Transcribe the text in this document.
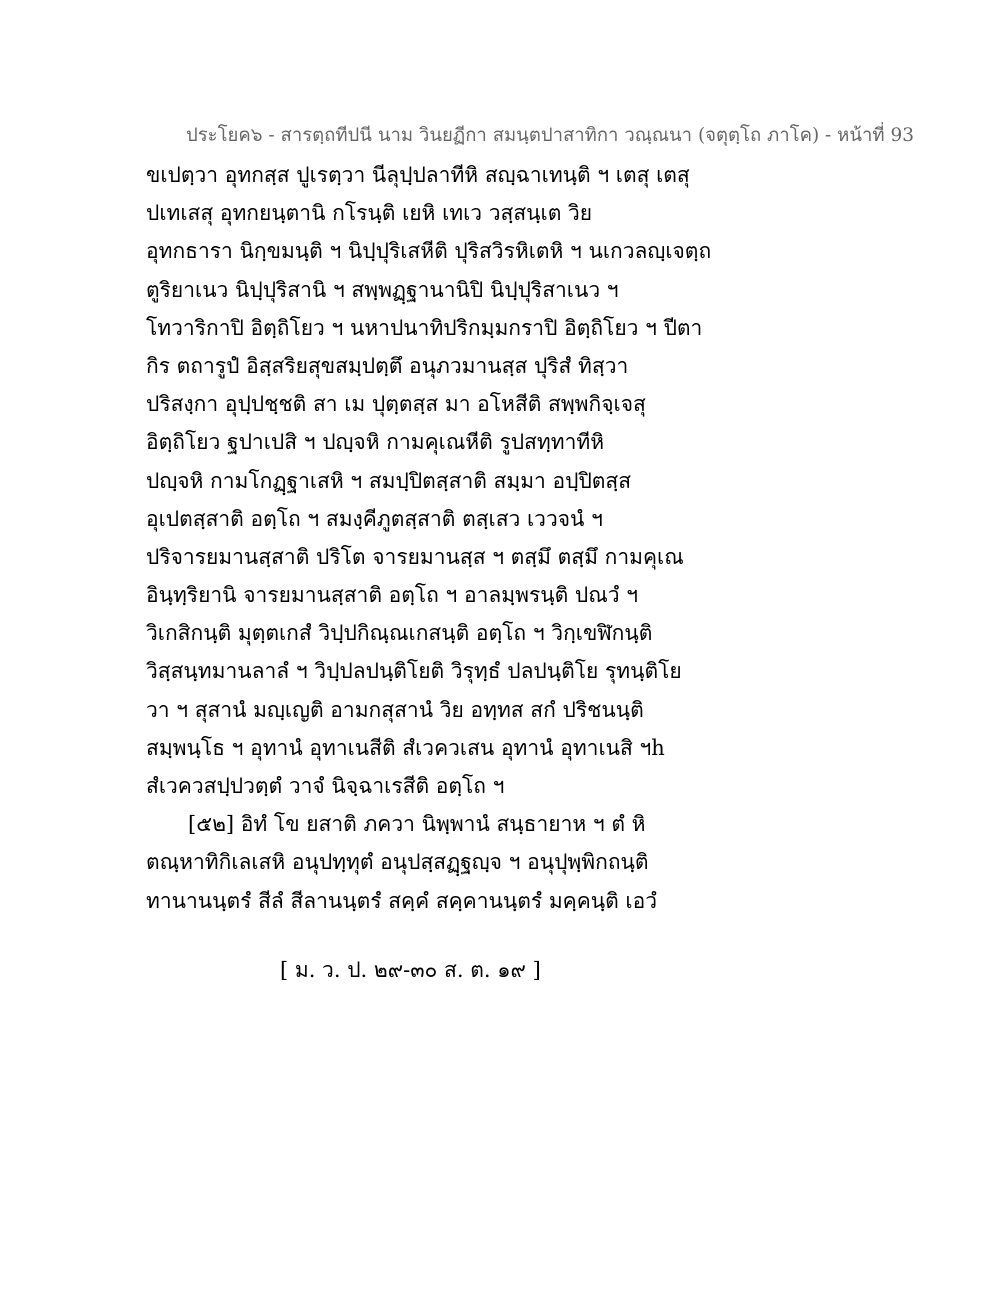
ประโยค๖ - สารตฺถทีปนี นาม วินยฏีกา สมนฺตปาสาทิกา วณฺณนา (จตุตฺโถ ภาโค) - หน้าที่ 93
ขเปตฺวา อุทกสฺส ปูเรตฺวา นีลุปฺปลาทีหิ สญฺฉาเทนฺติ ฯ เตสุ เตสุ
ปเทเสสุ อุทกยนฺตานิ กโรนฺติ เยหิ เทเว วสฺสนฺเต วิย
อุทกธารา นิกฺขมนฺติ ฯ นิปฺปุริเสหีติ ปุริสวิรหิเตหิ ฯ นเกวลญฺเจตฺถ
ตูริยาเนว นิปฺปุริสานิ ฯ สพฺพฏฺฐานานิปิ นิปฺปุริสาเนว ฯ
โทวาริกาปิ อิตฺถิโยว ฯ นหาปนาทิปริกมฺมกราปิ อิตฺถิโยว ฯ ปีตา
กิร ตถารูปํ อิสฺสริยสุขสมฺปตฺตึ อนุภวมานสฺส ปุริสํ ทิสฺวา
ปริสงฺกา อุปฺปชฺชติ สา เม ปุตฺตสฺส มา อโหสีติ สพฺพกิจฺเจสุ
อิตฺถิโยว ฐปาเปสิ ฯ ปญฺจหิ กามคุเณหีติ รูปสทฺทาทีหิ
ปญฺจหิ กามโกฏฺฐาเสหิ ฯ สมปฺปิตสฺสาติ สมฺมา อปฺปิตสฺส
อุเปตสฺสาติ อตฺโถ ฯ สมงฺคีภูตสฺสาติ ตสฺเสว เววจนํ ฯ
ปริจารยมานสฺสาติ ปริโต จารยมานสฺส ฯ ตสฺมึ ตสฺมึ กามคุเณ
อินฺทฺริยานิ จารยมานสฺสาติ อตฺโถ ฯ อาลมฺพรนฺติ ปณวํ ฯ
วิเกสิกนฺติ มุตฺตเกสํ วิปฺปกิณฺณเกสนฺติ อตฺโถ ฯ วิกฺเขฬิกนฺติ
วิสฺสนฺทมานลาลํ ฯ วิปฺปลปนฺติโยติ วิรุทฺธํ ปลปนฺติโย รุทนฺติโย
วา ฯ สุสานํ มญฺเญติ อามกสุสานํ วิย อทฺทส สกํ ปริชนนฺติ
สมฺพนฺโธ ฯ อุทานํ อุทาเนสีติ สํเวควเสน อุทานํ อุทาเนสิ ฯh
สํเวควสปฺปวตฺตํ วาจํ นิจฺฉาเรสีติ อตฺโถ ฯ
[๕๒] อิทํ โข ยสาติ ภควา นิพฺพานํ สนฺธายาห ฯ ตํ หิ
ตณฺหาทิกิเลเสหิ อนุปทฺทุตํ อนุปสฺสฏฺฐญฺจ ฯ อนุปุพฺพิกถนฺติ
ทานานนฺตรํ สีลํ สีลานนฺตรํ สคฺคํ สคฺคานนฺตรํ มคฺคนฺติ เอวํ
[ ม. ว. ป. ๒๙-๓๐ ส. ต. ๑๙ ]
